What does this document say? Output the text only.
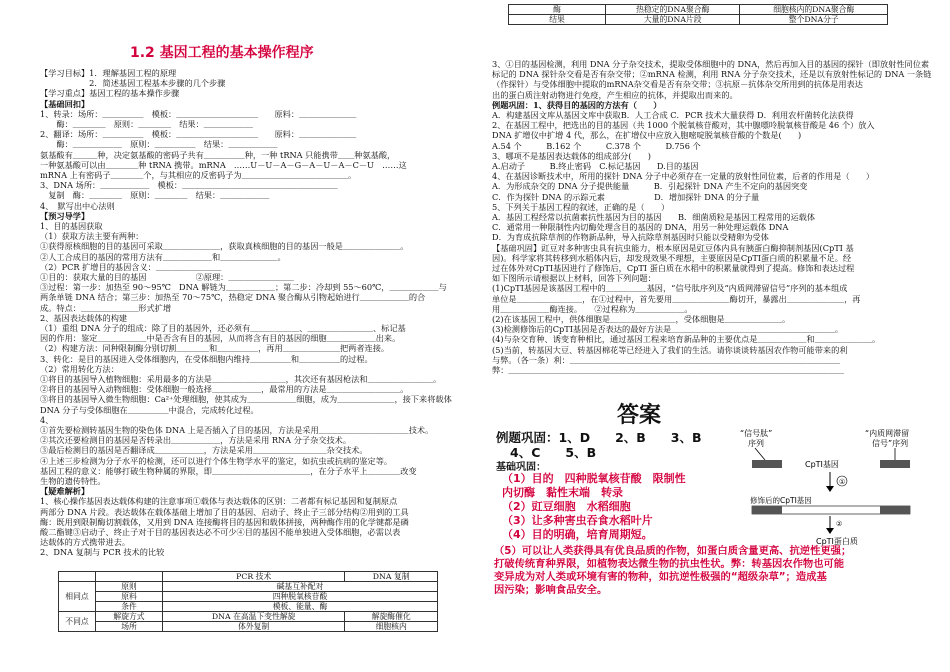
1.2 基因工程的基本操作程序
【学习目标】1．理解基因工程的原理
　　　　　　2．简述基因工程基本步骤的几个步骤
【学习重点】基因工程的基本操作步骤
【基础回扣】
1、转录：场所：＿＿＿＿＿　模板：＿＿＿＿＿＿＿＿＿＿　　原料：＿＿＿＿＿＿＿
　　酶：＿＿＿＿　原则：＿＿＿＿　结果：＿＿＿＿＿＿
2、翻译：场所：＿＿＿＿＿　模板：＿＿＿＿＿＿＿＿＿＿　　原料：＿＿＿＿＿＿＿
　　酶：＿＿＿＿＿＿　原则：＿＿＿＿＿　结果：＿＿＿＿＿＿
氨基酸有＿＿＿种，决定氨基酸的密码子共有＿＿＿＿＿种，一种 tRNA 只能携带＿＿种氨基酸，
一种氨基酸可以由＿＿＿＿种 tRNA 携带。mRNA　……U－U－A－G－A－U－A－C－U　……这
mRNA 上有密码子＿＿＿＿个，与其相应的反密码子为＿＿＿＿＿＿＿＿＿＿＿＿＿。
3、DNA 场所：＿＿＿＿＿＿　模板：＿＿＿＿＿＿＿＿＿＿＿＿＿＿＿＿＿＿＿
　复制　酶：＿＿＿＿　原则：＿＿＿＿　结果：＿＿＿＿＿＿
4、　默写出中心法则
【预习导学】
1、目的基因获取
（1）获取方法主要有两种：
①获得原核细胞的目的基因可采取＿＿＿＿＿＿＿，获取真核细胞的目的基因一般是＿＿＿＿＿＿＿。
②人工合成目的基因的常用方法有＿＿＿＿＿＿和＿＿＿＿＿＿＿。
（2）PCR 扩增目的基因含义：＿＿＿＿＿＿＿＿
①目的：获取大量的目的基因　　　　　　②原理：＿＿＿＿＿＿＿＿
③过程：第一步：加热至 90～95℃　DNA 解链为＿＿＿＿＿＿；第二步：冷却到 55～60℃，＿＿＿＿＿＿与
两条单链 DNA 结合；第三步：加热至 70～75℃，热稳定 DNA 聚合酶从引物起始进行＿＿＿＿＿＿的合
成。特点：＿＿＿＿＿＿＿形式扩增
2、基因表达载体的构建
（1）重组 DNA 分子的组成：除了目的基因外，还必须有＿＿＿＿＿＿、＿＿＿＿＿＿＿＿、标记基
因的作用：鉴定＿＿＿＿＿＿中是否含有目的基因，从而将含有目的基因的细胞＿＿＿＿＿＿出来。
（2）构建方法：同种限制酶分别切割＿＿＿＿和＿＿＿＿＿，再用＿＿＿＿＿＿＿把两者连接。
3、转化：是目的基因进入受体细胞内，在受体细胞内维持＿＿＿＿＿和＿＿＿＿＿的过程。
（2）常用转化方法：
①将目的基因导入植物细胞：采用最多的方法是＿＿＿＿＿＿＿＿＿，其次还有基因枪法和＿＿＿＿＿＿＿＿。
②将目的基因导入动物细胞：受体细胞一般选择＿＿＿＿＿＿，最常用的方法是＿＿＿＿＿＿＿＿＿。
③将目的基因导入微生物细胞：Ca²⁺处理细胞，使其成为＿＿＿＿＿＿细胞，成为＿＿＿＿＿＿＿，接下来将载体
DNA 分子与受体细胞在＿＿＿＿＿中混合，完成转化过程。
4、
①首先要检测转基因生物的染色体 DNA 上是否插入了目的基因，方法是采用＿＿＿＿＿＿＿＿＿＿＿技术。
②其次还要检测目的基因是否转录出＿＿＿＿＿＿，方法是采用 RNA 分子杂交技术。
③最后检测目的基因是否翻译成＿＿＿＿＿＿，方法是采用＿＿＿＿＿＿＿＿＿杂交技术。
④上述三步检测为分子水平的检测，还可以进行个体生物学水平的鉴定，如抗虫或抗病的鉴定等。
基因工程的意义：能够打破生物种属的界限，即＿＿＿＿＿＿＿＿＿＿＿＿，在分子水平上＿＿＿＿改变
生物的遗传特性。
【疑难解析】
1、核心操作基因表达载体构建的注意事项①载体与表达载体的区别：二者都有标记基因和复制原点
两部分 DNA 片段。表达载体在载体基础上增加了目的基因、启动子、终止子三部分结构②用到的工具
酶：既用到限制酶切割载体，又用到 DNA 连接酶将目的基因和载体拼接，两种酶作用的化学键都是磷
酸二酯键③启动子、终止子对于目的基因表达必不可少④目的基因不能单独进入受体细胞，必需以表
达载体的方式携带进去。
2、DNA 复制与 PCR 技术的比较
		PCR 技术	DNA 复制
相同点	原则	碱基互补配对	
	原料	四种脱氧核苷酸	
	条件	模板、能量、酶	
不同点	解旋方式	DNA 在高温下变性解旋	解旋酶催化
	场所	体外复制	细胞核内
酶	热稳定的DNA聚合酶	细胞核内的DNA聚合酶
结果	大量的DNA片段	整个DNA分子
3、①目的基因检测，利用 DNA 分子杂交技术，提取受体细胞中的 DNA，然后再加入目的基因的探针（即放射性同位素
标记的 DNA 探针杂交看是否有杂交带；②mRNA 检测，利用 RNA 分子杂交技术，还是以有放射性标记的 DNA 一条链
（作探针）与受体细胞中提取的mRNA杂交看是否有杂交带；③抗原－抗体杂交所用到的抗体是用表达
出的蛋白质注射动物进行免疫，产生相应的抗体，并提取出而来的。
例题巩固：1、获得目的基因的方法有（　　）
A．构建基因文库从基因文库中获取B．人工合成 C．PCR 技术大量获得 D．利用农杆菌转化法获得
2、在基因工程中，把选出的目的基因（共 1000 个脱氧核苷酸对，其中腺嘌呤脱氧核苷酸是 46 个）放入
DNA 扩增仪中扩增 4 代，那么，在扩增仪中应放入胞嘧啶脱氧核苷酸的个数是(　　)
A.54 个　　　B.162 个　　　C.378 个　　　D.756 个
3、哪项不是基因表达载体的组成部分(　　)
A.启动子　　　B.终止密码　C.标记基因　　D.目的基因
4、在基因诊断技术中，所用的探针 DNA 分子中必须存在一定量的放射性同位素，后者的作用是（　　）
A．为形成杂交的 DNA 分子提供能量　　　B．引起探针 DNA 产生不定向的基因突变
C．作为探针 DNA 的示踪元素　　　　　　D．增加探针 DNA 的分子量
5、下列关于基因工程的叙述，正确的是（　　）
A．基因工程经常以抗菌素抗性基因为目的基因　　B．细菌质粒是基因工程常用的运载体
C．通常用一种限制性内切酶处理含目的基因的 DNA，用另一种处理运载体 DNA
D．为育成抗除草剂的作物新品种，导入抗除草剂基因时只能以受精卵为受体
【基础巩固】豇豆对多种害虫具有抗虫能力，根本原因是豇豆体内具有胰蛋白酶抑制剂基因(CpTI 基
因)。科学家将其转移到水稻体内后，却发现效果不理想，主要原因是CpTI蛋白质的积累量不足。经
过在体外对CpTI基因进行了修饰后，CpTI 蛋白质在水稻中的积累量就得到了提高。修饰和表达过程
如下图所示请根据以上材料，回答下列问题：
(1)CpTI基因是该基因工程中的＿＿＿＿＿基因，“信号肽序列及“内质网滞留信号”序列的基本组成
单位是＿＿＿＿＿＿＿＿，在①过程中，首先要用＿＿＿＿＿＿＿酶切开，暴露出＿＿＿＿＿＿＿，再
用＿＿＿＿＿＿酶连接。　　②过程称为＿＿＿＿＿＿。
(2)在该基因工程中，供体细胞是＿＿＿＿＿＿＿＿，受体细胞是＿＿＿＿＿＿＿。
(3)检测修饰后的CpTI基因是否表达的最好方法是＿＿＿＿＿＿＿＿＿＿＿＿＿＿＿＿＿＿＿＿。
(4)与杂交育种、诱变育种相比，通过基因工程来培育新品种的主要优点是＿＿＿＿＿＿和＿＿＿＿＿＿＿。
(5)当前，转基因大豆、转基因棉花等已经进入了我们的生活。请你谈谈转基因农作物可能带来的利
与弊。（各一条）利：＿＿＿＿＿＿＿＿＿＿＿＿＿＿＿＿＿＿＿＿＿＿＿＿＿＿＿＿＿＿＿＿＿
弊：＿＿＿＿＿＿＿＿＿＿＿＿＿＿＿＿＿＿＿＿＿＿＿＿＿＿＿＿＿＿＿＿＿＿＿＿＿＿＿＿＿
答案
例题巩固：1、D　　2、B　　3、B
4、C　　5、B
基础巩固：
（1）目的　四种脱氧核苷酸　限制性
内切酶　黏性末端　转录
（2）豇豆细胞　水稻细胞
（3）让多种害虫吞食水稻叶片
（4）目的明确，培育周期短。
（5）可以让人类获得具有优良品质的作物，如蛋白质含量更高、抗逆性更强；
打破传统育种界限，如植物表达微生物的抗虫性状。弊：转基因农作物也可能
变异成为对人类或环境有害的物种，如抗逆性极强的“超级杂草”；造成基
因污染；影响食品安全。
“信号肽”
序列
“内质网滞留
信号”序列
CpTI基因
①
修饰后的CpTI基因
②
CpTI蛋白质
